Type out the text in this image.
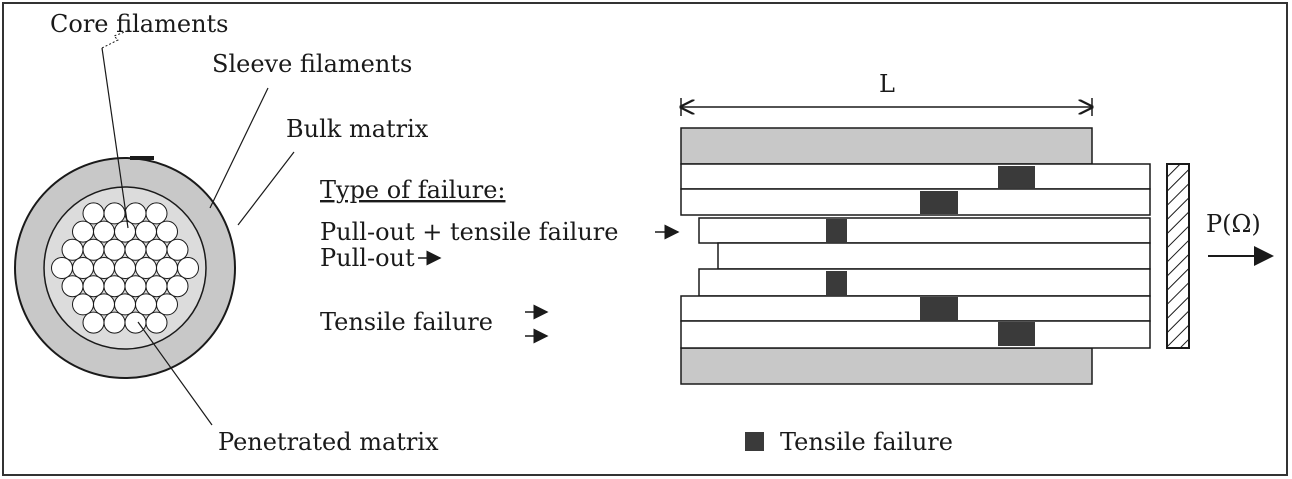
Core filaments
Sleeve filaments
Bulk matrix
Penetrated matrix
Type of failure:
Pull-out + tensile failure
Pull-out
Tensile failure
L
P(Ω)
Tensile failure
